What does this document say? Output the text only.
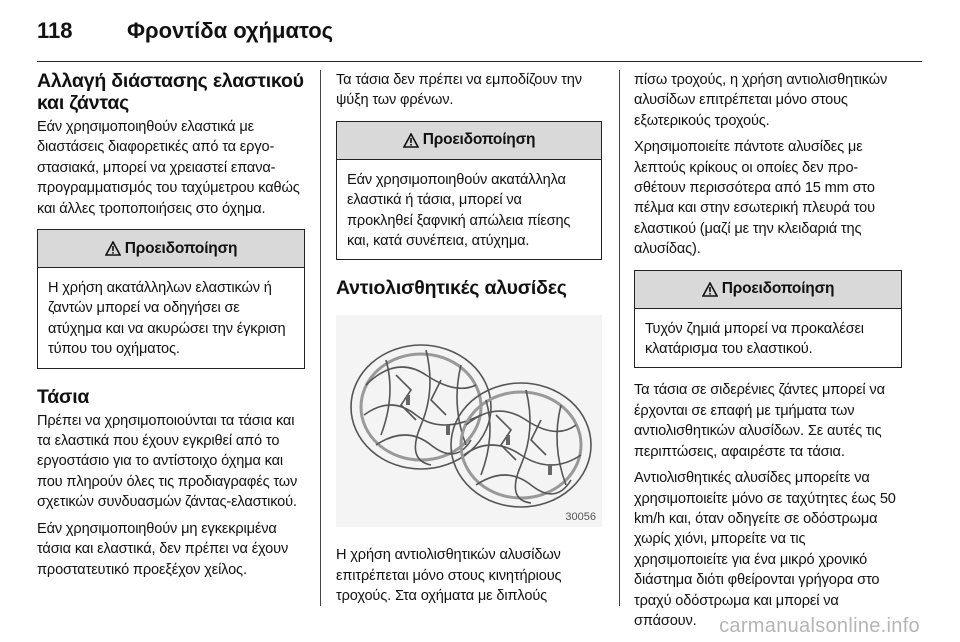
118 Φροντίδα οχήματος
Αλλαγή διάστασης ελαστικού και ζάντας

Εάν χρησιμοποιηθούν ελαστικά με διαστάσεις διαφορετικές από τα εργοστασιακά, μπορεί να χρειαστεί επαναπρογραμματισμός του ταχύμετρου καθώς και άλλες τροποποιήσεις στο όχημα.

Προειδοποίηση
Η χρήση ακατάλληλων ελαστικών ή ζαντών μπορεί να οδηγήσει σε ατύχημα και να ακυρώσει την έγκριση τύπου του οχήματος.
Τάσια

Πρέπει να χρησιμοποιούνται τα τάσια και τα ελαστικά που έχουν εγκριθεί από το εργοστάσιο για το αντίστοιχο όχημα και που πληρούν όλες τις προδιαγραφές των σχετικών συνδυασμών ζάντας-ελαστικού.

Εάν χρησιμοποιηθούν μη εγκεκριμένα τάσια και ελαστικά, δεν πρέπει να έχουν προστατευτικό προεξέχον χείλος.

Τα τάσια δεν πρέπει να εμποδίζουν την ψύξη των φρένων.

Προειδοποίηση
Εάν χρησιμοποιηθούν ακατάλληλα ελαστικά ή τάσια, μπορεί να προκληθεί ξαφνική απώλεια πίεσης και, κατά συνέπεια, ατύχημα.
Αντιολισθητικές αλυσίδες
30056

Η χρήση αντιολισθητικών αλυσίδων επιτρέπεται μόνο στους κινητήριους τροχούς. Στα οχήματα με διπλούς

πίσω τροχούς, η χρήση αντιολισθητικών αλυσίδων επιτρέπεται μόνο στους εξωτερικούς τροχούς.

Χρησιμοποιείτε πάντοτε αλυσίδες με λεπτούς κρίκους οι οποίες δεν προσθέτουν περισσότερα από 15 mm στο πέλμα και στην εσωτερική πλευρά του ελαστικού (μαζί με την κλειδαριά της αλυσίδας).

Προειδοποίηση
Τυχόν ζημιά μπορεί να προκαλέσει κλατάρισμα του ελαστικού.

Τα τάσια σε σιδερένιες ζάντες μπορεί να έρχονται σε επαφή με τμήματα των αντιολισθητικών αλυσίδων. Σε αυτές τις περιπτώσεις, αφαιρέστε τα τάσια.

Αντιολισθητικές αλυσίδες μπορείτε να χρησιμοποιείτε μόνο σε ταχύτητες έως 50 km/h και, όταν οδηγείτε σε οδόστρωμα χωρίς χιόνι, μπορείτε να τις χρησιμοποιείτε για ένα μικρό χρονικό διάστημα διότι φθείρονται γρήγορα στο τραχύ οδόστρωμα και μπορεί να σπάσουν.	carmanualsonline.info
